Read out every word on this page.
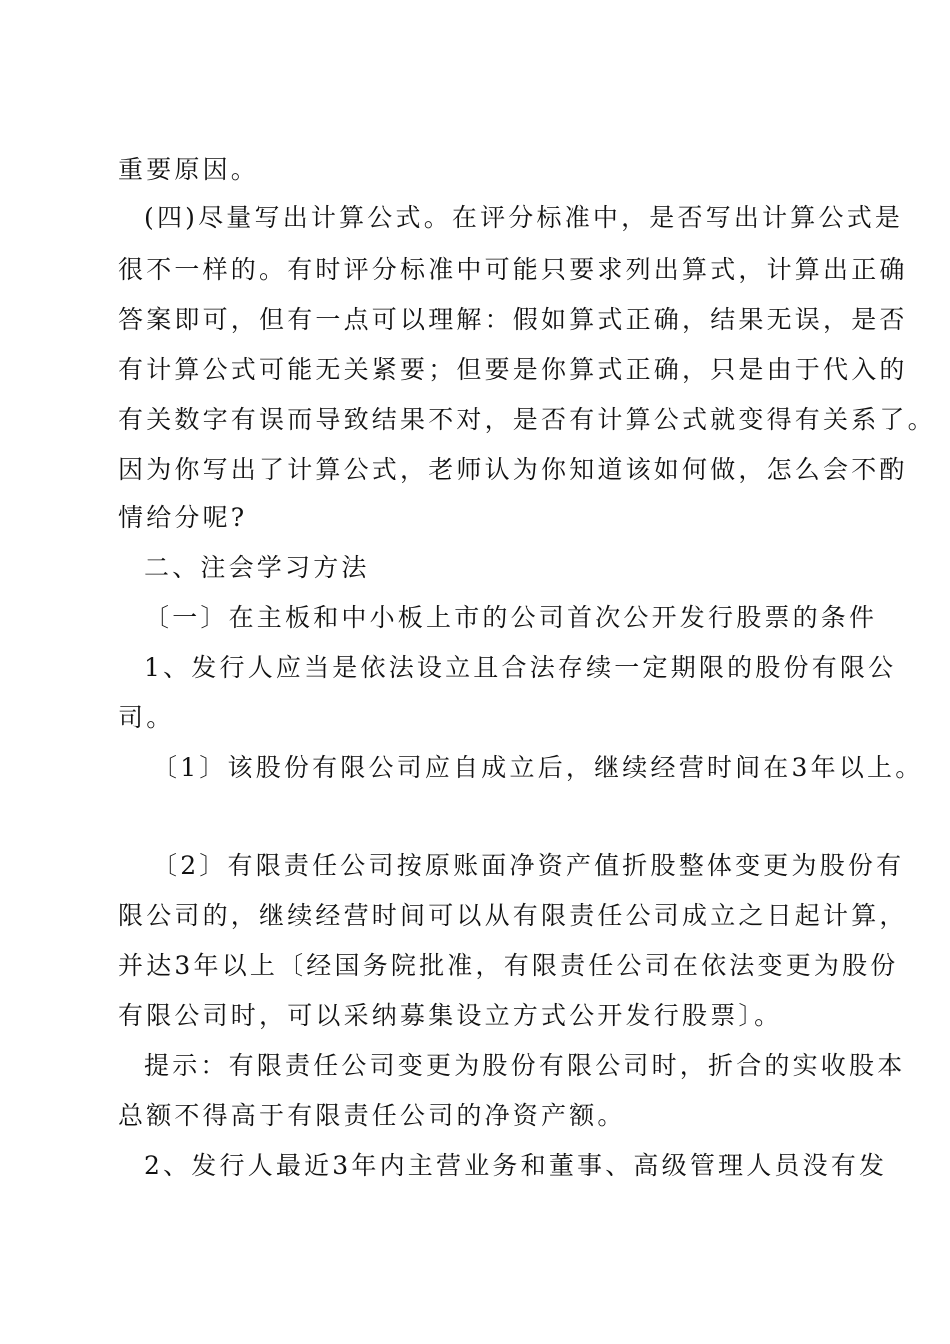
重要原因。
(四)尽量写出计算公式。在评分标准中，是否写出计算公式是
很不一样的。有时评分标准中可能只要求列出算式，计算出正确
答案即可，但有一点可以理解：假如算式正确，结果无误，是否
有计算公式可能无关紧要；但要是你算式正确，只是由于代入的
有关数字有误而导致结果不对，是否有计算公式就变得有关系了。
因为你写出了计算公式，老师认为你知道该如何做，怎么会不酌
情给分呢?
二、注会学习方法
〔一〕在主板和中小板上市的公司首次公开发行股票的条件
1、发行人应当是依法设立且合法存续一定期限的股份有限公
司。
〔1〕该股份有限公司应自成立后，继续经营时间在3年以上。
〔2〕有限责任公司按原账面净资产值折股整体变更为股份有
限公司的，继续经营时间可以从有限责任公司成立之日起计算，
并达3年以上〔经国务院批准，有限责任公司在依法变更为股份
有限公司时，可以采纳募集设立方式公开发行股票〕。
提示：有限责任公司变更为股份有限公司时，折合的实收股本
总额不得高于有限责任公司的净资产额。
2、发行人最近3年内主营业务和董事、高级管理人员没有发
